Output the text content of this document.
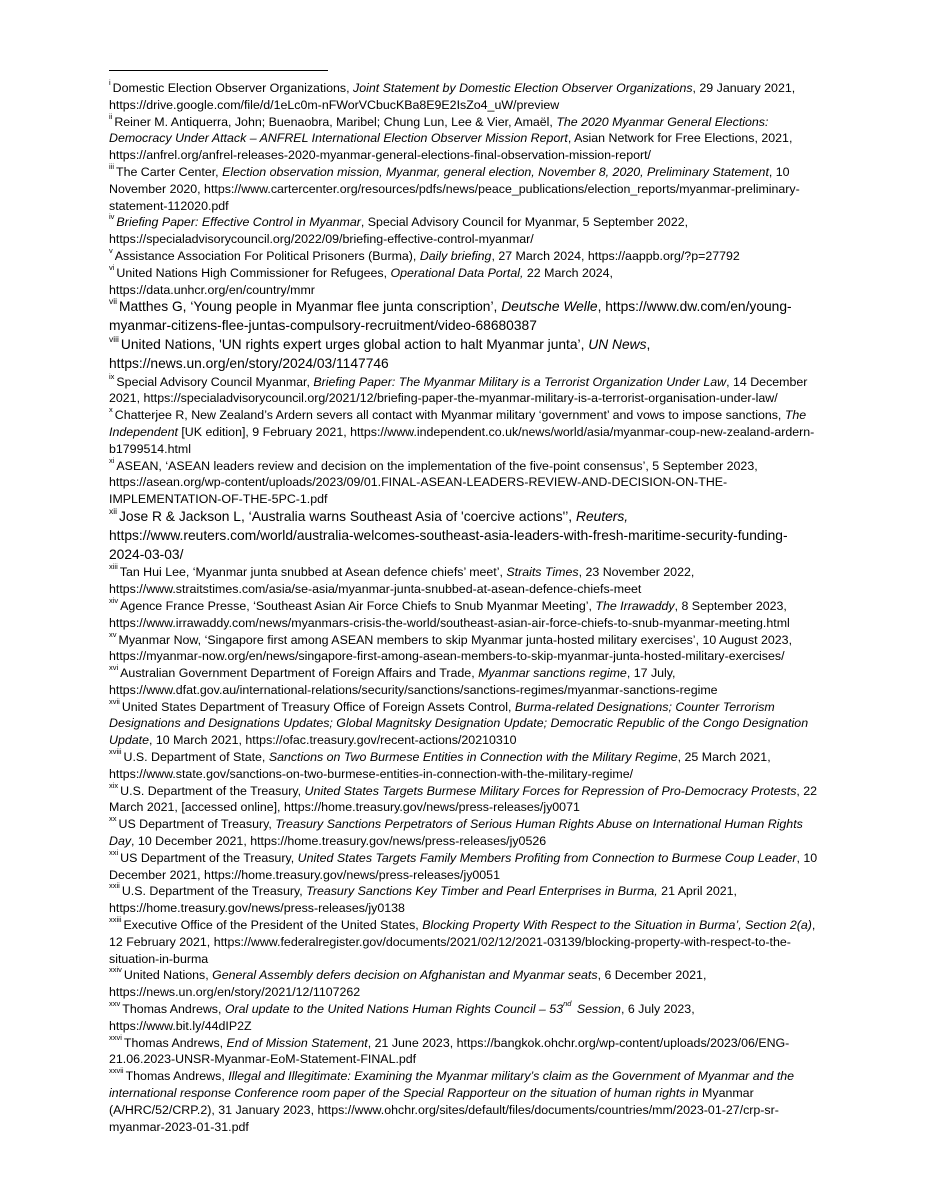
$^i$ Domestic Election Observer Organizations, Joint Statement by Domestic Election Observer Organizations, 29 January 2021, https://drive.google.com/file/d/1eLc0m-nFWorVCbucKBa8E9E2IsZo4_uW/preview

$^{ii}$ Reiner M. Antiquerra, John; Buenaobra, Maribel; Chung Lun, Lee & Vier, Amaël, The 2020 Myanmar General Elections: Democracy Under Attack – ANFREL International Election Observer Mission Report, Asian Network for Free Elections, 2021, https://anfrel.org/anfrel-releases-2020-myanmar-general-elections-final-observation-mission-report/

$^{iii}$ The Carter Center, Election observation mission, Myanmar, general election, November 8, 2020, Preliminary Statement, 10 November 2020, https://www.cartercenter.org/resources/pdfs/news/peace_publications/election_reports/myanmar-preliminary-statement-112020.pdf

$^{iv}$ Briefing Paper: Effective Control in Myanmar, Special Advisory Council for Myanmar, 5 September 2022, https://specialadvisorycouncil.org/2022/09/briefing-effective-control-myanmar/

$^v$ Assistance Association For Political Prisoners (Burma), Daily briefing, 27 March 2024, https://aappb.org/?p=27792

$^{vi}$ United Nations High Commissioner for Refugees, Operational Data Portal, 22 March 2024, https://data.unhcr.org/en/country/mmr

$^{vii}$ Matthes G, ‘Young people in Myanmar flee junta conscription’, Deutsche Welle, https://www.dw.com/en/young-myanmar-citizens-flee-juntas-compulsory-recruitment/video-68680387

$^{viii}$ United Nations, 'UN rights expert urges global action to halt Myanmar junta’, UN News, https://news.un.org/en/story/2024/03/1147746

$^{ix}$ Special Advisory Council Myanmar, Briefing Paper: The Myanmar Military is a Terrorist Organization Under Law, 14 December 2021, https://specialadvisorycouncil.org/2021/12/briefing-paper-the-myanmar-military-is-a-terrorist-organisation-under-law/

$^x$ Chatterjee R, New Zealand’s Ardern severs all contact with Myanmar military ‘government’ and vows to impose sanctions, The Independent [UK edition], 9 February 2021, https://www.independent.co.uk/news/world/asia/myanmar-coup-new-zealand-ardern-b1799514.html

$^{xi}$ ASEAN, ‘ASEAN leaders review and decision on the implementation of the five-point consensus’, 5 September 2023, https://asean.org/wp-content/uploads/2023/09/01.FINAL-ASEAN-LEADERS-REVIEW-AND-DECISION-ON-THE-IMPLEMENTATION-OF-THE-5PC-1.pdf

$^{xii}$ Jose R & Jackson L, ‘Australia warns Southeast Asia of 'coercive actions'’, Reuters, https://www.reuters.com/world/australia-welcomes-southeast-asia-leaders-with-fresh-maritime-security-funding-2024-03-03/

$^{xiii}$ Tan Hui Lee, ‘Myanmar junta snubbed at Asean defence chiefs’ meet’, Straits Times, 23 November 2022, https://www.straitstimes.com/asia/se-asia/myanmar-junta-snubbed-at-asean-defence-chiefs-meet

$^{xiv}$ Agence France Presse, ‘Southeast Asian Air Force Chiefs to Snub Myanmar Meeting’, The Irrawaddy, 8 September 2023, https://www.irrawaddy.com/news/myanmars-crisis-the-world/southeast-asian-air-force-chiefs-to-snub-myanmar-meeting.html

$^{xv}$ Myanmar Now, ‘Singapore first among ASEAN members to skip Myanmar junta-hosted military exercises’, 10 August 2023, https://myanmar-now.org/en/news/singapore-first-among-asean-members-to-skip-myanmar-junta-hosted-military-exercises/

$^{xvi}$ Australian Government Department of Foreign Affairs and Trade, Myanmar sanctions regime, 17 July, https://www.dfat.gov.au/international-relations/security/sanctions/sanctions-regimes/myanmar-sanctions-regime

$^{xvii}$ United States Department of Treasury Office of Foreign Assets Control, Burma-related Designations; Counter Terrorism Designations and Designations Updates; Global Magnitsky Designation Update; Democratic Republic of the Congo Designation Update, 10 March 2021, https://ofac.treasury.gov/recent-actions/20210310

$^{xviii}$ U.S. Department of State, Sanctions on Two Burmese Entities in Connection with the Military Regime, 25 March 2021, https://www.state.gov/sanctions-on-two-burmese-entities-in-connection-with-the-military-regime/

$^{xix}$ U.S. Department of the Treasury, United States Targets Burmese Military Forces for Repression of Pro-Democracy Protests, 22 March 2021, [accessed online], https://home.treasury.gov/news/press-releases/jy0071

$^{xx}$ US Department of Treasury, Treasury Sanctions Perpetrators of Serious Human Rights Abuse on International Human Rights Day, 10 December 2021, https://home.treasury.gov/news/press-releases/jy0526

$^{xxi}$ US Department of the Treasury, United States Targets Family Members Profiting from Connection to Burmese Coup Leader, 10 December 2021, https://home.treasury.gov/news/press-releases/jy0051

$^{xxii}$ U.S. Department of the Treasury, Treasury Sanctions Key Timber and Pearl Enterprises in Burma, 21 April 2021, https://home.treasury.gov/news/press-releases/jy0138

$^{xxiii}$ Executive Office of the President of the United States, Blocking Property With Respect to the Situation in Burma’, Section 2(a), 12 February 2021, https://www.federalregister.gov/documents/2021/02/12/2021-03139/blocking-property-with-respect-to-the-situation-in-burma

$^{xxiv}$ United Nations, General Assembly defers decision on Afghanistan and Myanmar seats, 6 December 2021, https://news.un.org/en/story/2021/12/1107262

$^{xxv}$ Thomas Andrews, Oral update to the United Nations Human Rights Council – 53nd Session, 6 July 2023, https://www.bit.ly/44dIP2Z

$^{xxvi}$ Thomas Andrews, End of Mission Statement, 21 June 2023, https://bangkok.ohchr.org/wp-content/uploads/2023/06/ENG-21.06.2023-UNSR-Myanmar-EoM-Statement-FINAL.pdf

$^{xxvii}$ Thomas Andrews, Illegal and Illegitimate: Examining the Myanmar military’s claim as the Government of Myanmar and the international response Conference room paper of the Special Rapporteur on the situation of human rights in Myanmar (A/HRC/52/CRP.2), 31 January 2023, https://www.ohchr.org/sites/default/files/documents/countries/mm/2023-01-27/crp-sr-myanmar-2023-01-31.pdf
